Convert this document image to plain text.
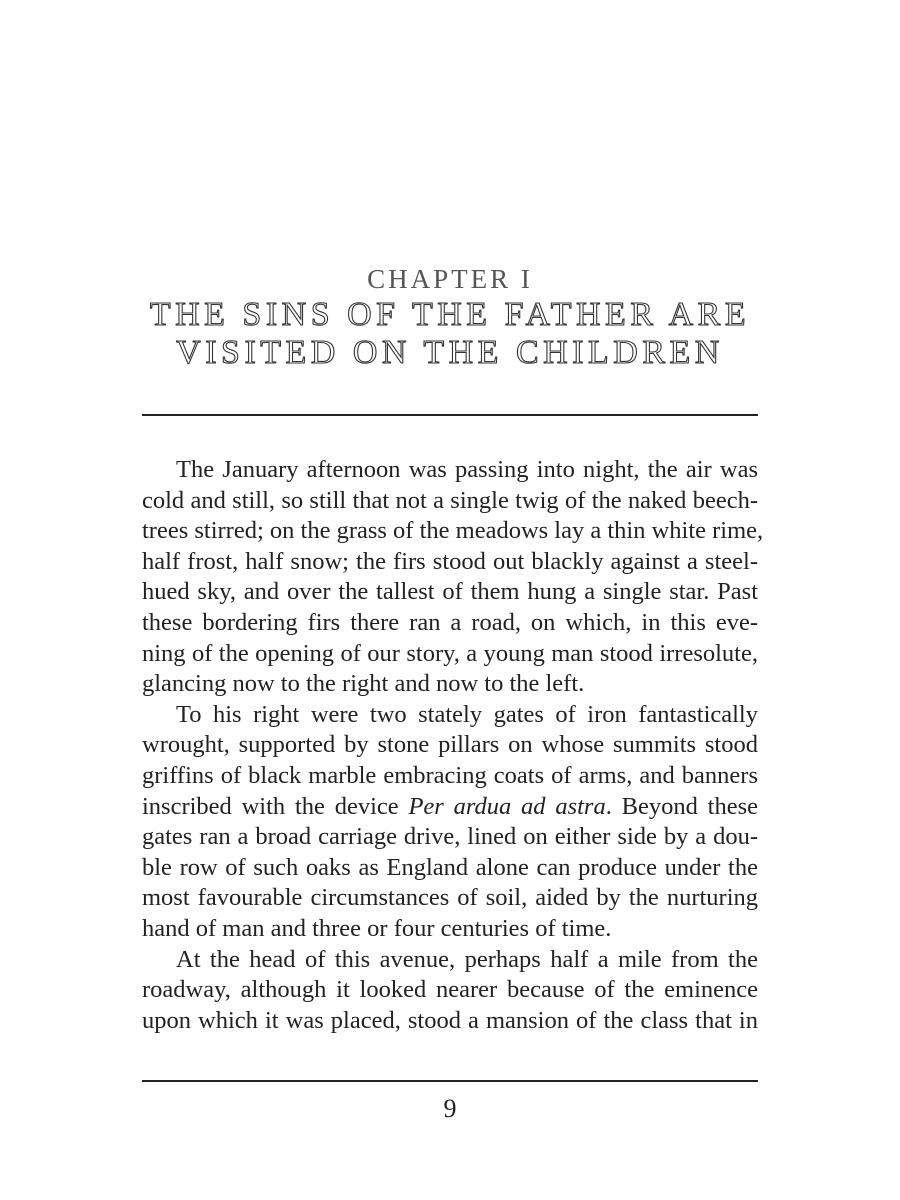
CHAPTER I
THE SINS OF THE FATHER ARE
VISITED ON THE CHILDREN

The January afternoon was passing into night, the air was
cold and still, so still that not a single twig of the naked beech-
trees stirred; on the grass of the meadows lay a thin white rime,
half frost, half snow; the firs stood out blackly against a steel-
hued sky, and over the tallest of them hung a single star. Past
these bordering firs there ran a road, on which, in this eve-
ning of the opening of our story, a young man stood irresolute,
glancing now to the right and now to the left.

To his right were two stately gates of iron fantastically
wrought, supported by stone pillars on whose summits stood
griffins of black marble embracing coats of arms, and banners
inscribed with the device Per ardua ad astra. Beyond these
gates ran a broad carriage drive, lined on either side by a dou-
ble row of such oaks as England alone can produce under the
most favourable circumstances of soil, aided by the nurturing
hand of man and three or four centuries of time.

At the head of this avenue, perhaps half a mile from the
roadway, although it looked nearer because of the eminence
upon which it was placed, stood a mansion of the class that in

9
